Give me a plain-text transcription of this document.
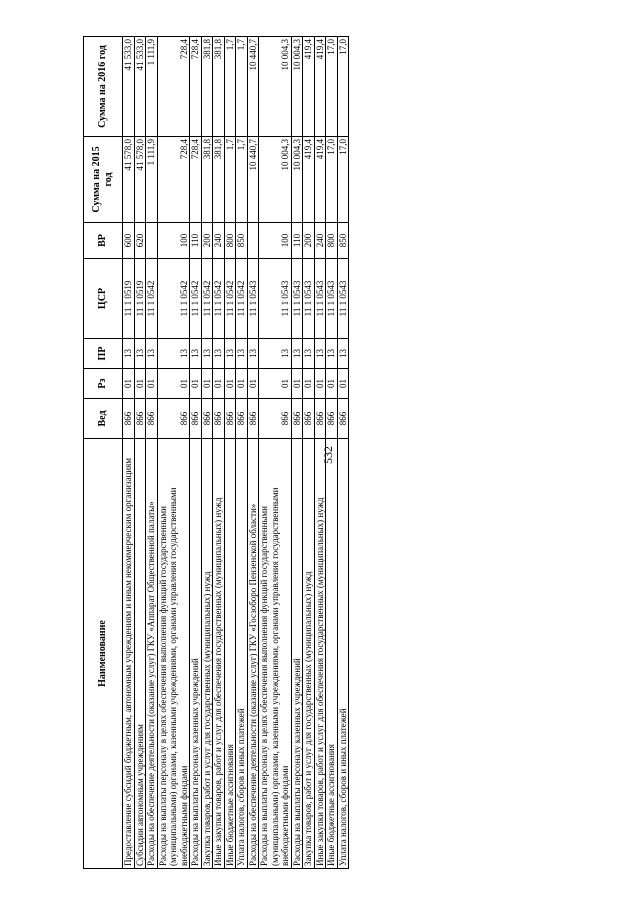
532
Наименование	Вед	Рз	ПР	ЦСР	ВР	Сумма на 2015 год	Сумма на 2016 год
Предоставление субсидий бюджетным, автономным учреждениям и иным некоммерческим организациям	866	01	13	11 1 0519	600	41 578,0	41 533,0
Субсидии автономным учреждениям	866	01	13	11 1 0519	620	41 578,0	41 533,0
Расходы на обеспечение деятельности (оказание услуг) ГКУ «Аппарат Общественной палаты»	866	01	13	11 1 0542		1 111,9	1 111,9
Расходы на выплаты персоналу в целях обеспечения выполнения функций государственными (муниципальными) органами, казенными учреждениями, органами управления государственными внебюджетными фондами	866	01	13	11 1 0542	100	728,4	728,4
Расходы на выплаты персоналу казенных учреждений	866	01	13	11 1 0542	110	728,4	728,4
Закупка товаров, работ и услуг для государственных (муниципальных) нужд	866	01	13	11 1 0542	200	381,8	381,8
Иные закупки товаров, работ и услуг для обеспечения государственных (муниципальных) нужд	866	01	13	11 1 0542	240	381,8	381,8
Иные бюджетные ассигнования	866	01	13	11 1 0542	800	1,7	1,7
Уплата налогов, сборов и иных платежей	866	01	13	11 1 0542	850	1,7	1,7
Расходы на обеспечение деятельности (оказание услуг) ГКУ «Госзоборо Пензенской области»	866	01	13	11 1 0543		10 440,7	10 440,7
Расходы на выплаты персоналу в целях обеспечения выполнения функций государственными (муниципальными) органами, казенными учреждениями, органами управления государственными внебюджетными фондами	866	01	13	11 1 0543	100	10 004,3	10 004,3
Расходы на выплаты персоналу казенных учреждений	866	01	13	11 1 0543	110	10 004,3	10 004,3
Закупка товаров, работ и услуг для государственных (муниципальных) нужд	866	01	13	11 1 0543	200	419,4	419,4
Иные закупки товаров, работ и услуг для обеспечения государственных (муниципальных) нужд	866	01	13	11 1 0543	240	419,4	419,4
Иные бюджетные ассигнования	866	01	13	11 1 0543	800	17,0	17,0
Уплата налогов, сборов и иных платежей	866	01	13	11 1 0543	850	17,0	17,0
